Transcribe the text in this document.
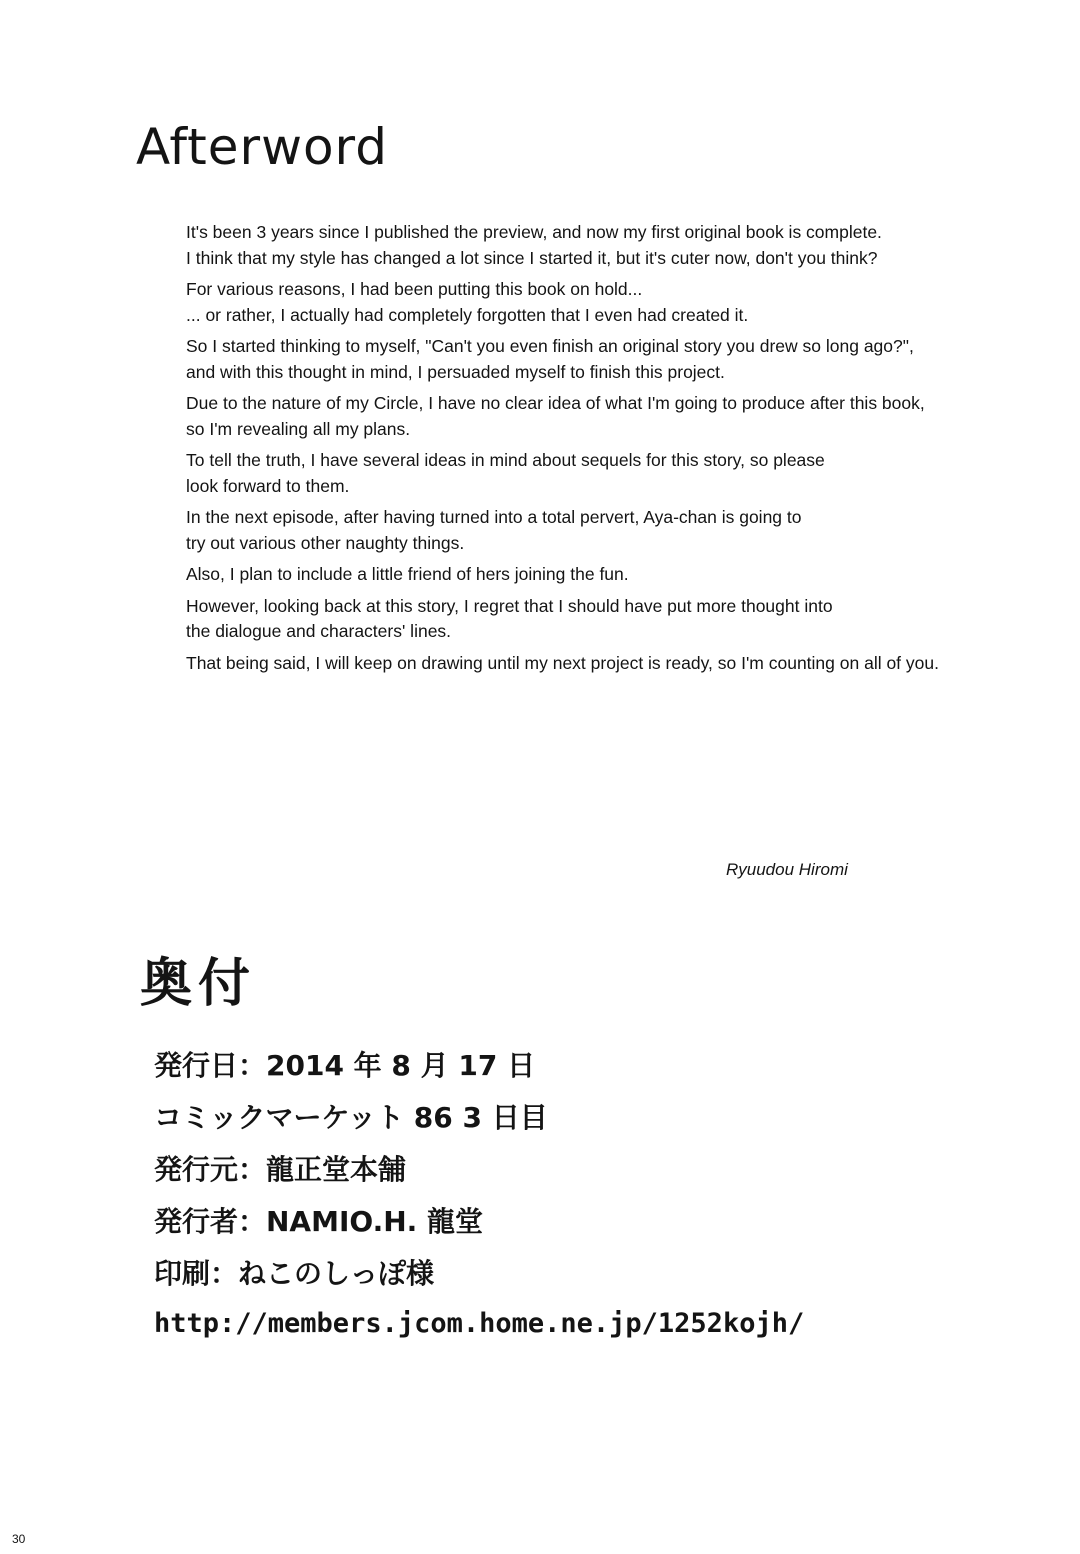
Afterword

It's been 3 years since I published the preview, and now my first original book is complete.
I think that my style has changed a lot since I started it, but it's cuter now, don't you think?

For various reasons, I had been putting this book on hold...
... or rather, I actually had completely forgotten that I even had created it.

So I started thinking to myself, "Can't you even finish an original story you drew so long ago?",
and with this thought in mind, I persuaded myself to finish this project.

Due to the nature of my Circle, I have no clear idea of what I'm going to produce after this book,
so I'm revealing all my plans.

To tell the truth, I have several ideas in mind about sequels for this story, so please
look forward to them.

In the next episode, after having turned into a total pervert, Aya-chan is going to
try out various other naughty things.

Also, I plan to include a little friend of hers joining the fun.

However, looking back at this story, I regret that I should have put more thought into
the dialogue and characters' lines.

That being said, I will keep on drawing until my next project is ready, so I'm counting on all of you.

Ryuudou Hiromi
奥付
発行日：2014 年 8 月 17 日
コミックマーケット 86 3 日目
発行元：龍正堂本舗
発行者：NAMIO.H. 龍堂
印刷：ねこのしっぽ様
http://members.jcom.home.ne.jp/1252kojh/
30
